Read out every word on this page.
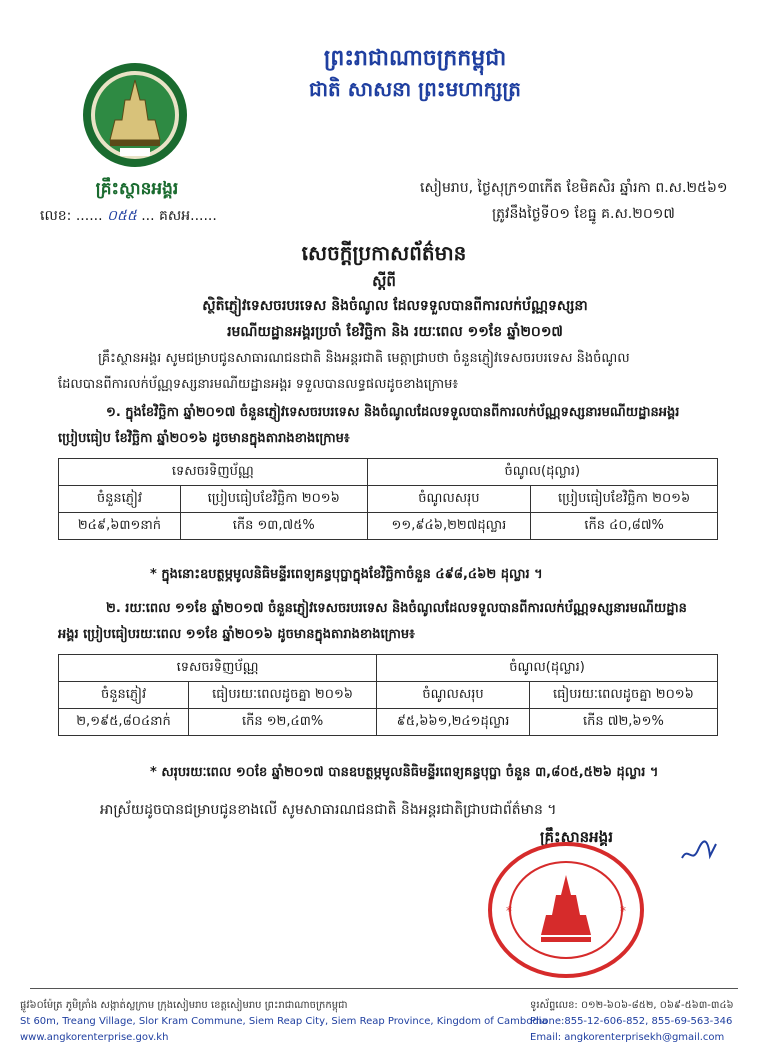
ព្រះរាជាណាចក្រកម្ពុជា
ជាតិ សាសនា ព្រះមហាក្សត្រ
គ្រឹះស្ថានអង្គរ
លេខ: ...... ០៥៥ ... គសអ......
សៀមរាប, ថ្ងៃសុក្រ១៣កើត ខែមិគសិរ ឆ្នាំរកា ព.ស.២៥៦១
ត្រូវនឹងថ្ងៃទី០១ ខែធ្នូ គ.ស.២០១៧
សេចក្តីប្រកាសព័ត៌មាន
ស្តីពី
ស្ថិតិភ្ញៀវទេសចរបរទេស និងចំណូល ដែលទទួលបានពីការលក់ប័ណ្ណទស្សនា
រមណីយដ្ឋានអង្គរប្រចាំ ខែវិច្ឆិកា និង រយៈពេល ១១ខែ ឆ្នាំ២០១៧
គ្រឹះស្ថានអង្គរ សូមជម្រាបជូនសាធារណជនជាតិ និងអន្តរជាតិ មេត្តាជ្រាបថា ចំនួនភ្ញៀវទេសចរបរទេស និងចំណូល
ដែលបានពីការលក់ប័ណ្ណទស្សនារមណីយដ្ឋានអង្គរ ទទួលបានលទ្ធផលដូចខាងក្រោម៖
១. ក្នុងខែវិច្ឆិកា ឆ្នាំ២០១៧ ចំនួនភ្ញៀវទេសចរបរទេស និងចំណូលដែលទទួលបានពីការលក់ប័ណ្ណទស្សនារមណីយដ្ឋានអង្គរ
ប្រៀបធៀប ខែវិច្ឆិកា ឆ្នាំ២០១៦ ដូចមានក្នុងតារាងខាងក្រោម៖
ទេសចរទិញប័ណ្ណ		ចំណូល(ដុល្លារ)	
ចំនួនភ្ញៀវ	ប្រៀបធៀបខែវិច្ឆិកា ២០១៦	ចំណូលសរុប	ប្រៀបធៀបខែវិច្ឆិកា ២០១៦
២៤៩,៦៣១នាក់	កើន ១៣,៧៥%	១១,៩៤៦,២២៧ដុល្លារ	កើន ៤០,៨៧%
* ក្នុងនោះឧបត្ថម្ភមូលនិធិមន្ទីរពេទ្យគន្ធបុប្ផាក្នុងខែវិច្ឆិកាចំនួន ៤៩៨,៤៦២ ដុល្លារ ។
២. រយៈពេល ១១ខែ ឆ្នាំ២០១៧ ចំនួនភ្ញៀវទេសចរបរទេស និងចំណូលដែលទទួលបានពីការលក់ប័ណ្ណទស្សនារមណីយដ្ឋាន
អង្គរ ប្រៀបធៀបរយៈពេល ១១ខែ ឆ្នាំ២០១៦ ដូចមានក្នុងតារាងខាងក្រោម៖
ទេសចរទិញប័ណ្ណ		ចំណូល(ដុល្លារ)	
ចំនួនភ្ញៀវ	ធៀបរយៈពេលដូចគ្នា ២០១៦	ចំណូលសរុប	ធៀបរយៈពេលដូចគ្នា ២០១៦
២,១៩៥,៨០៤នាក់	កើន ១២,៤៣%	៩៥,៦៦១,២៤១ដុល្លារ	កើន ៧២,៦១%
* សរុបរយៈពេល ១០ខែ ឆ្នាំ២០១៧ បានឧបត្ថម្ភមូលនិធិមន្ទីរពេទ្យគន្ធបុប្ផា ចំនួន ៣,៨០៥,៥២៦ ដុល្លារ ។
អាស្រ័យដូចបានជម្រាបជូនខាងលើ សូមសាធារណជនជាតិ និងអន្តរជាតិជ្រាបជាព័ត៌មាន ។
គ្រឹះស្ថានអង្គរ
*	*
ផ្លូវ៦០ម៉ែត្រ ភូមិត្រាំង សង្កាត់ស្លក្រាម ក្រុងសៀមរាប ខេត្តសៀមរាប ព្រះរាជាណាចក្រកម្ពុជា
St 60m, Treang Village, Slor Kram Commune, Siem Reap City, Siem Reap Province, Kingdom of Cambodia
www.angkorenterprise.gov.kh
ទូរស័ព្ទលេខ: ០១២-៦០៦-៨៥២, ០៦៩-៥៦៣-៣៤៦
Phone:855-12-606-852, 855-69-563-346
Email: angkorenterprisekh@gmail.com
